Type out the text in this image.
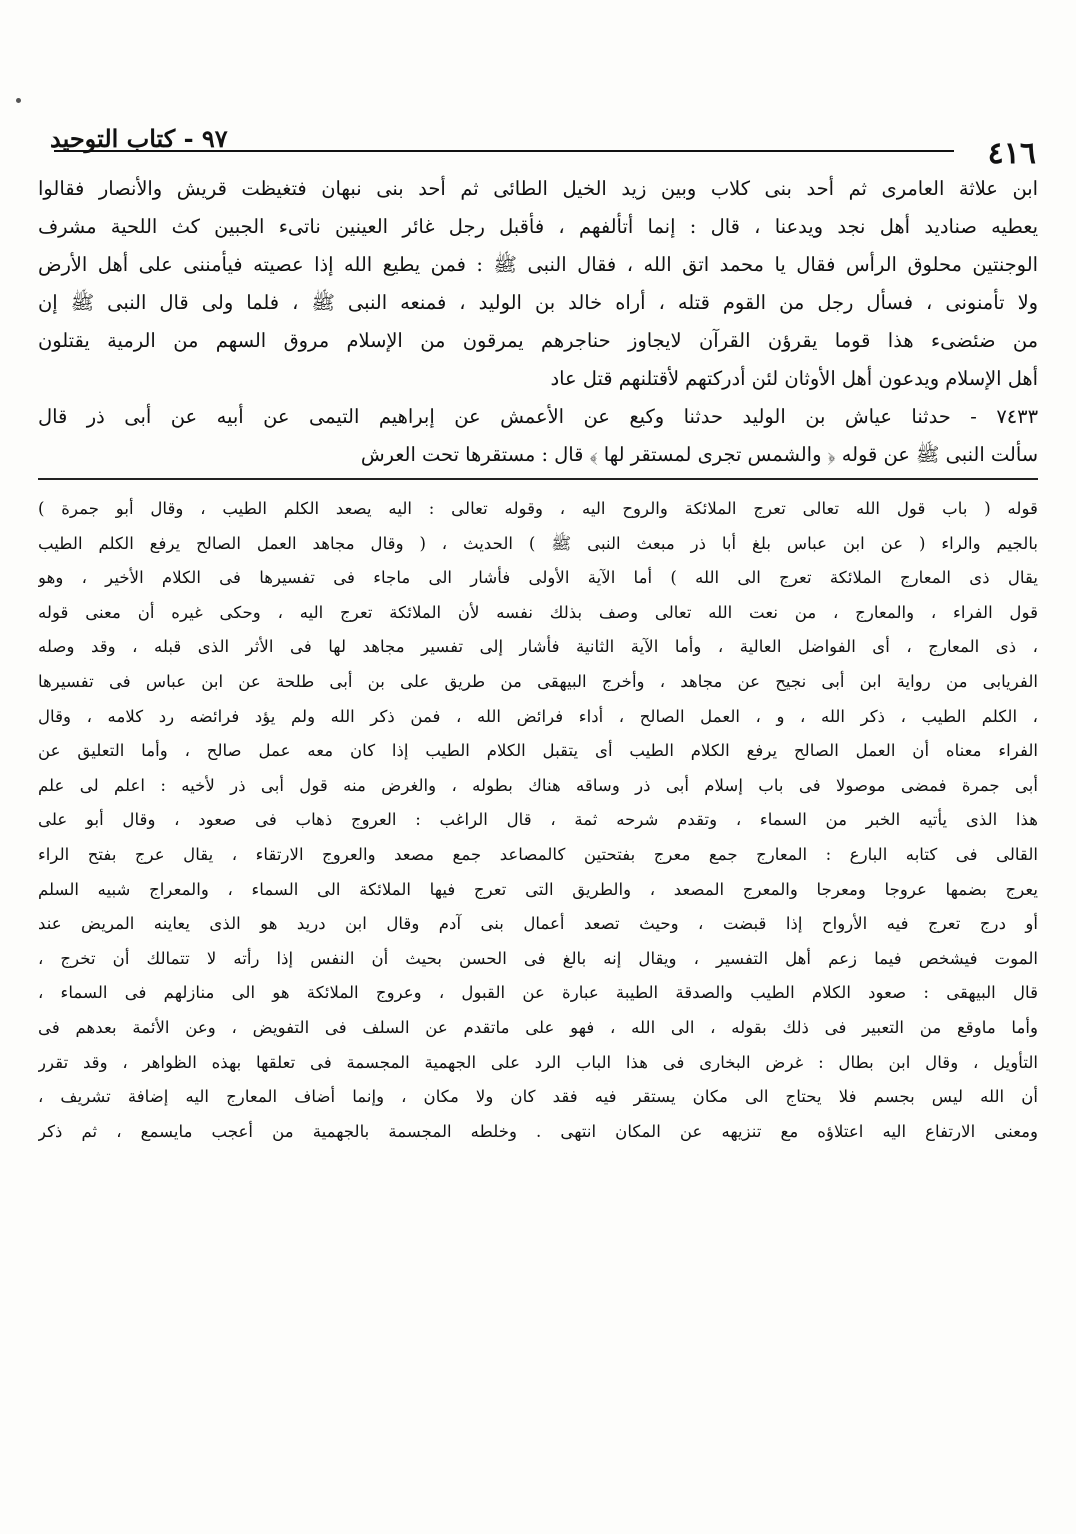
٤١٦
٩٧ - كتاب التوحيد
ابن علاثة العامرى ثم أحد بنى كلاب وبين زيد الخيل الطائى ثم أحد بنى نبهان فتغيظت قريش والأنصار فقالوا
يعطيه صناديد أهل نجد ويدعنا ، قال : إنما أتألفهم ، فأقبل رجل غائر العينين ناتىء الجبين كث اللحية مشرف
الوجنتين محلوق الرأس فقال يا محمد اتق الله ، فقال النبى ﷺ : فمن يطيع الله إذا عصيته فيأمننى على أهل الأرض
ولا تأمنونى ، فسأل رجل من القوم قتله ، أراه خالد بن الوليد ، فمنعه النبى ﷺ ، فلما ولى قال النبى ﷺ إن
من ضئضىء هذا قوما يقرؤن القرآن لايجاوز حناجرهم يمرقون من الإسلام مروق السهم من الرمية يقتلون
أهل الإسلام ويدعون أهل الأوثان لئن أدركتهم لأقتلنهم قتل عاد
٧٤٣٣ - حدثنا عياش بن الوليد حدثنا وكيع عن الأعمش عن إبراهيم التيمى عن أبيه عن أبى ذر قال
سألت النبى ﷺ عن قوله ﴿ والشمس تجرى لمستقر لها ﴾ قال : مستقرها تحت العرش
قوله ( باب قول الله تعالى تعرج الملائكة والروح اليه ، وقوله تعالى : اليه يصعد الكلم الطيب ، وقال أبو جمرة )
بالجيم والراء ( عن ابن عباس بلغ أبا ذر مبعث النبى ﷺ ) الحديث ، ( وقال مجاهد العمل الصالح يرفع الكلم الطيب
يقال ذى المعارج الملائكة تعرج الى الله ) أما الآية الأولى فأشار الى ماجاء فى تفسيرها فى الكلام الأخير ، وهو
قول الفراء ، والمعارج ، من نعت الله تعالى وصف بذلك نفسه لأن الملائكة تعرج اليه ، وحكى غيره أن معنى قوله
، ذى المعارج ، أى الفواضل العالية ، وأما الآية الثانية فأشار إلى تفسير مجاهد لها فى الأثر الذى قبله ، وقد وصله
الفريابى من رواية ابن أبى نجيح عن مجاهد ، وأخرج البيهقى من طريق على بن أبى طلحة عن ابن عباس فى تفسيرها
، الكلم الطيب ، ذكر الله ، و ، العمل الصالح ، أداء فرائض الله ، فمن ذكر الله ولم يؤد فرائضه رد كلامه ، وقال
الفراء معناه أن العمل الصالح يرفع الكلام الطيب أى يتقبل الكلام الطيب إذا كان معه عمل صالح ، وأما التعليق عن
أبى جمرة فمضى موصولا فى باب إسلام أبى ذر وساقه هناك بطوله ، والغرض منه قول أبى ذر لأخيه : اعلم لى علم
هذا الذى يأتيه الخبر من السماء ، وتقدم شرحه ثمة ، قال الراغب : العروج ذهاب فى صعود ، وقال أبو على
القالى فى كتابه البارع : المعارج جمع معرج بفتحتين كالمصاعد جمع مصعد والعروج الارتقاء ، يقال عرج بفتح الراء
يعرج بضمها عروجا ومعرجا والمعرج المصعد ، والطريق التى تعرج فيها الملائكة الى السماء ، والمعراج شبيه السلم
أو درج تعرج فيه الأرواح إذا قبضت ، وحيث تصعد أعمال بنى آدم وقال ابن دريد هو الذى يعاينه المريض عند
الموت فيشخص فيما زعم أهل التفسير ، ويقال إنه بالغ فى الحسن بحيث أن النفس إذا رأته لا تتمالك أن تخرج ،
قال البيهقى : صعود الكلام الطيب والصدقة الطيبة عبارة عن القبول ، وعروج الملائكة هو الى منازلهم فى السماء ،
وأما ماوقع من التعبير فى ذلك بقوله ، الى الله ، فهو على ماتقدم عن السلف فى التفويض ، وعن الأئمة بعدهم فى
التأويل ، وقال ابن بطال : غرض البخارى فى هذا الباب الرد على الجهمية المجسمة فى تعلقها بهذه الظواهر ، وقد تقرر
أن الله ليس بجسم فلا يحتاج الى مكان يستقر فيه فقد كان ولا مكان ، وإنما أضاف المعارج اليه إضافة تشريف ،
ومعنى الارتفاع اليه اعتلاؤه مع تنزيهه عن المكان انتهى . وخلطه المجسمة بالجهمية من أعجب مايسمع ، ثم ذكر
